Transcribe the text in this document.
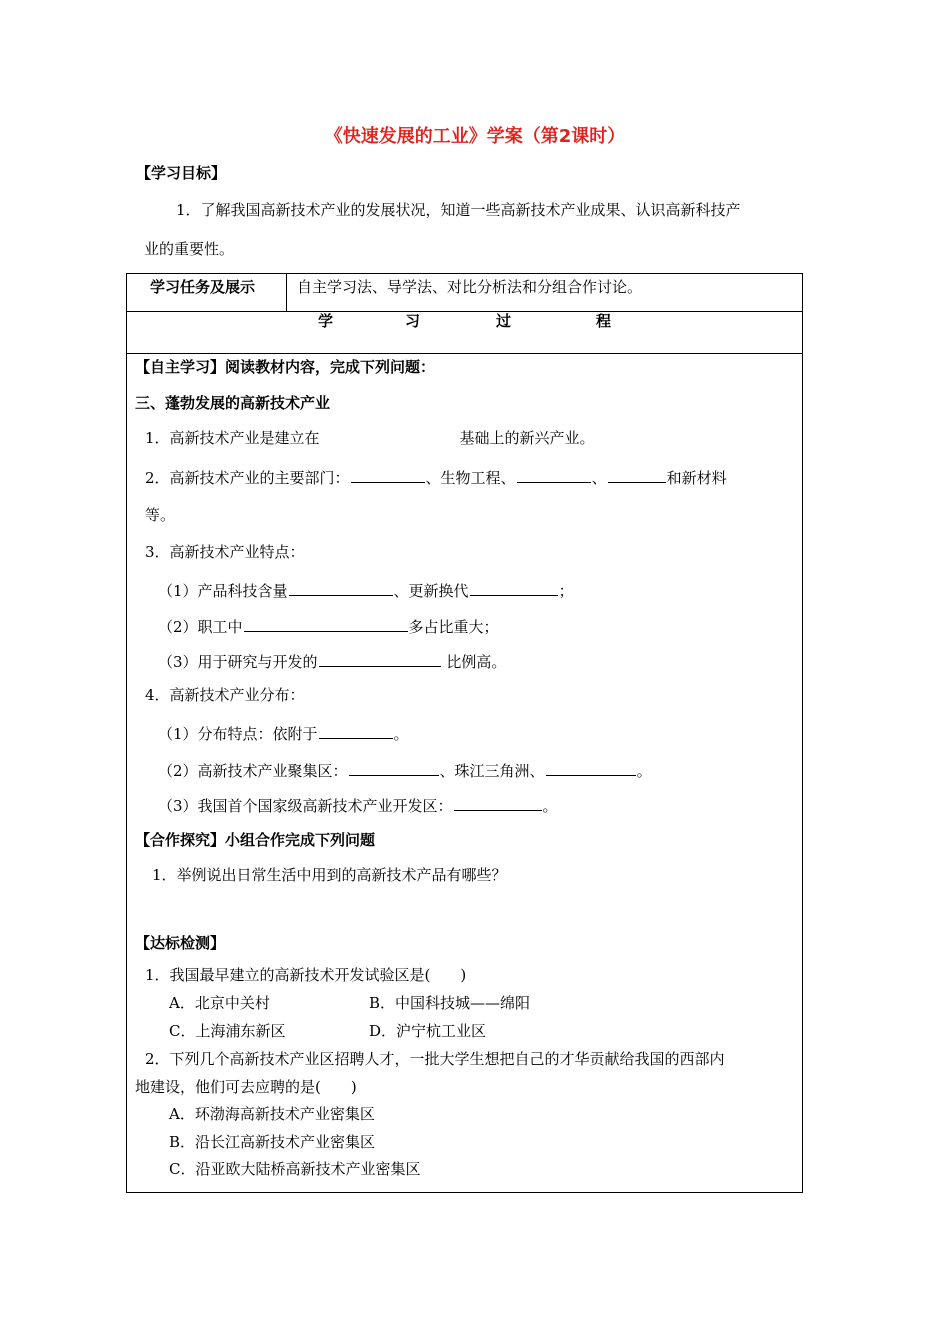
《快速发展的工业》学案（第2课时）
【学习目标】
1．了解我国高新技术产业的发展状况，知道一些高新技术产业成果、认识高新科技产
业的重要性。
学习任务及展示	自主学习法、导学法、对比分析法和分组合作讨论。
学	习	过	程
【自主学习】阅读教材内容，完成下列问题：
三、蓬勃发展的高新技术产业
1．高新技术产业是建立在	基础上的新兴产业。
2．高新技术产业的主要部门：	、生物工程、	、	和新材料
等。
3．高新技术产业特点：
（1）产品科技含量	、更新换代	；
（2）职工中	多占比重大；
（3）用于研究与开发的	比例高。
4．高新技术产业分布：
（1）分布特点：依附于	。
（2）高新技术产业聚集区：	、珠江三角洲、	。
（3）我国首个国家级高新技术产业开发区：	。
【合作探究】小组合作完成下列问题
1．举例说出日常生活中用到的高新技术产品有哪些？
【达标检测】
1．我国最早建立的高新技术开发试验区是(　　)
A．北京中关村	B．中国科技城——绵阳
C．上海浦东新区	D．沪宁杭工业区
2．下列几个高新技术产业区招聘人才，一批大学生想把自己的才华贡献给我国的西部内
地建设，他们可去应聘的是(　　)
A．环渤海高新技术产业密集区
B．沿长江高新技术产业密集区
C．沿亚欧大陆桥高新技术产业密集区
